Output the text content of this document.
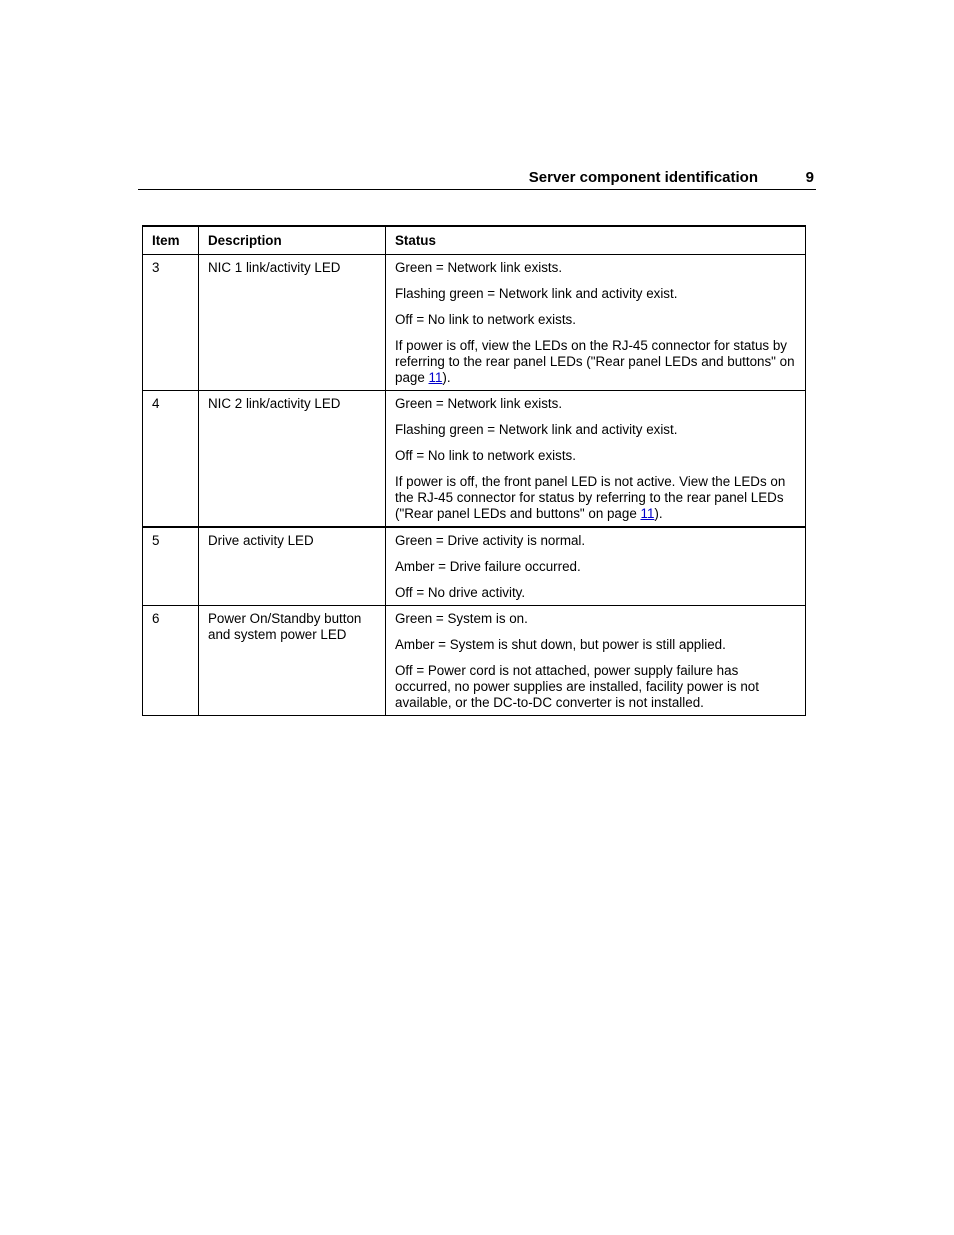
Server component identification	9
Item	Description	Status
3	NIC 1 link/activity LED	Green = Network link exists.

Flashing green = Network link and activity exist.

Off = No link to network exists.

If power is off, view the LEDs on the RJ-45 connector for status by referring to the rear panel LEDs ("Rear panel LEDs and buttons" on page 11).

4	NIC 2 link/activity LED	Green = Network link exists.

Flashing green = Network link and activity exist.

Off = No link to network exists.

If power is off, the front panel LED is not active. View the LEDs on the RJ-45 connector for status by referring to the rear panel LEDs ("Rear panel LEDs and buttons" on page 11).

5	Drive activity LED	Green = Drive activity is normal.

Amber = Drive failure occurred.

Off = No drive activity.

6	Power On/Standby button and system power LED	Green = System is on.

Amber = System is shut down, but power is still applied.

Off = Power cord is not attached, power supply failure has occurred, no power supplies are installed, facility power is not available, or the DC-to-DC converter is not installed.
